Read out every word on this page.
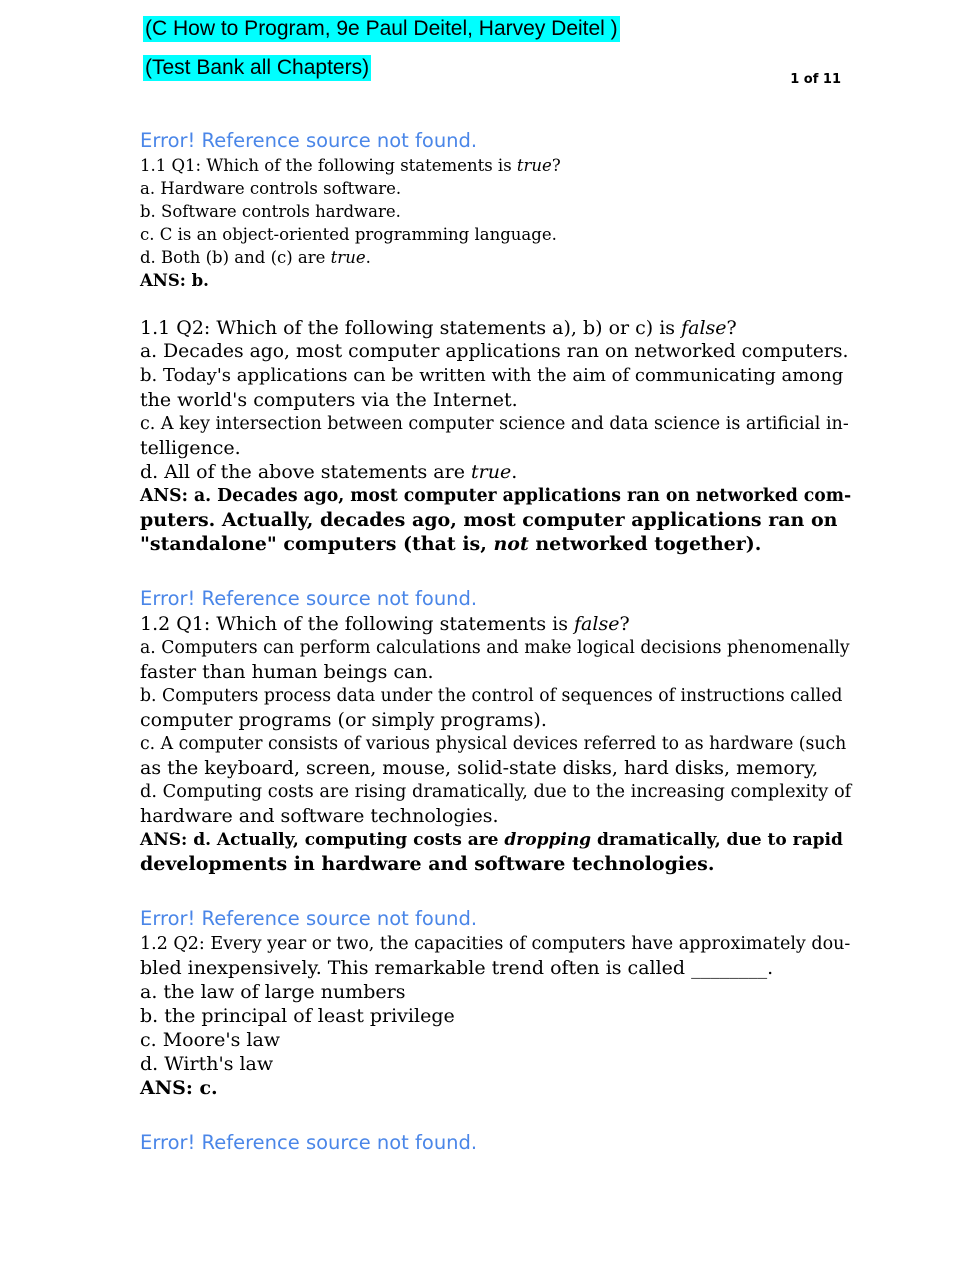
(C How to Program, 9e Paul Deitel, Harvey Deitel )
(Test Bank all Chapters)
1 of 11

Error! Reference source not found.

1.1 Q1: Which of the following statements is true?

a. Hardware controls software.

b. Software controls hardware.

c. C is an object-oriented programming language.

d. Both (b) and (c) are true.

ANS: b.

1.1 Q2: Which of the following statements a), b) or c) is false?

a. Decades ago, most computer applications ran on networked computers.

b. Today's applications can be written with the aim of communicating among

the world's computers via the Internet.

c. A key intersection between computer science and data science is artificial in-

telligence.

d. All of the above statements are true.

ANS: a. Decades ago, most computer applications ran on networked com-

puters. Actually, decades ago, most computer applications ran on

"standalone" computers (that is, not networked together).

Error! Reference source not found.

1.2 Q1: Which of the following statements is false?

a. Computers can perform calculations and make logical decisions phenomenally

faster than human beings can.

b. Computers process data under the control of sequences of instructions called

computer programs (or simply programs).

c. A computer consists of various physical devices referred to as hardware (such

as the keyboard, screen, mouse, solid-state disks, hard disks, memory,

d. Computing costs are rising dramatically, due to the increasing complexity of

hardware and software technologies.

ANS: d. Actually, computing costs are dropping dramatically, due to rapid

developments in hardware and software technologies.

Error! Reference source not found.

1.2 Q2: Every year or two, the capacities of computers have approximately dou-

bled inexpensively. This remarkable trend often is called ________.

a. the law of large numbers

b. the principal of least privilege

c. Moore's law

d. Wirth's law

ANS: c.

Error! Reference source not found.
